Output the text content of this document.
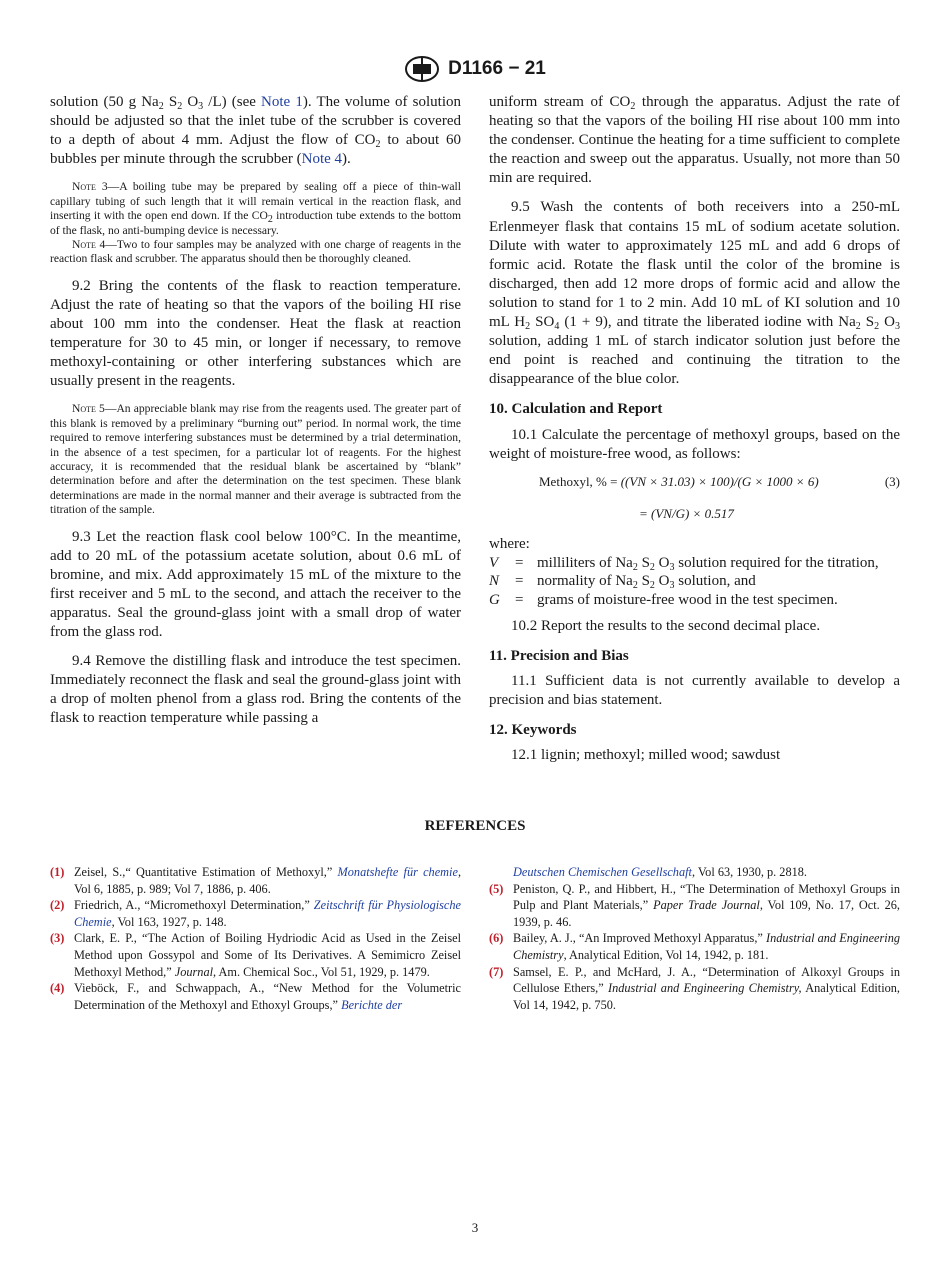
D1166 − 21

solution (50 g $Na_2$ $S_2$ $O_3$ /L) (see Note 1). The volume of solution should be adjusted so that the inlet tube of the scrubber is covered to a depth of about 4 mm. Adjust the flow of $CO_2$ to about 60 bubbles per minute through the scrubber (Note 4).

Note 3—A boiling tube may be prepared by sealing off a piece of thin-wall capillary tubing of such length that it will remain vertical in the reaction flask, and inserting it with the open end down. If the $CO_2$ introduction tube extends to the bottom of the flask, no anti-bumping device is necessary.

Note 4—Two to four samples may be analyzed with one charge of reagents in the reaction flask and scrubber. The apparatus should then be thoroughly cleaned.

9.2 Bring the contents of the flask to reaction temperature. Adjust the rate of heating so that the vapors of the boiling HI rise about 100 mm into the condenser. Heat the flask at reaction temperature for 30 to 45 min, or longer if necessary, to remove methoxyl-containing or other interfering substances which are usually present in the reagents.

Note 5—An appreciable blank may rise from the reagents used. The greater part of this blank is removed by a preliminary “burning out” period. In normal work, the time required to remove interfering substances must be determined by a trial determination, in the absence of a test specimen, for a particular lot of reagents. For the highest accuracy, it is recommended that the residual blank be ascertained by “blank” determination before and after the determination on the test specimen. These blank determinations are made in the normal manner and their average is subtracted from the titration of the sample.

9.3 Let the reaction flask cool below 100°C. In the meantime, add to 20 mL of the potassium acetate solution, about 0.6 mL of bromine, and mix. Add approximately 15 mL of the mixture to the first receiver and 5 mL to the second, and attach the receiver to the apparatus. Seal the ground-glass joint with a small drop of water from the glass rod.

9.4 Remove the distilling flask and introduce the test specimen. Immediately reconnect the flask and seal the ground-glass joint with a drop of molten phenol from a glass rod. Bring the contents of the flask to reaction temperature while passing a

uniform stream of $CO_2$ through the apparatus. Adjust the rate of heating so that the vapors of the boiling HI rise about 100 mm into the condenser. Continue the heating for a time sufficient to complete the reaction and sweep out the apparatus. Usually, not more than 50 min are required.

9.5 Wash the contents of both receivers into a 250-mL Erlenmeyer flask that contains 15 mL of sodium acetate solution. Dilute with water to approximately 125 mL and add 6 drops of formic acid. Rotate the flask until the color of the bromine is discharged, then add 12 more drops of formic acid and allow the solution to stand for 1 to 2 min. Add 10 mL of KI solution and 10 mL $H_2$ $SO_4$ (1 + 9), and titrate the liberated iodine with $Na_2$ $S_2$ $O_3$ solution, adding 1 mL of starch indicator solution just before the end point is reached and continuing the titration to the disappearance of the blue color.

10. Calculation and Report

10.1 Calculate the percentage of methoxyl groups, based on the weight of moisture-free wood, as follows:

Methoxyl, % = ((VN × 31.03) × 100)/(G × 1000 × 6)	(3)
= (VN/G) × 0.517

where:

V	= milliliters of $Na_2$ $S_2$ $O_3$ solution required for the titration,
N	= normality of $Na_2$ $S_2$ $O_3$ solution, and
G	= grams of moisture-free wood in the test specimen.

10.2 Report the results to the second decimal place.

11. Precision and Bias

11.1 Sufficient data is not currently available to develop a precision and bias statement.

12. Keywords

12.1 lignin; methoxyl; milled wood; sawdust

REFERENCES
(1) Zeisel, S.,“ Quantitative Estimation of Methoxyl,” Monatshefte für chemie, Vol 6, 1885, p. 989; Vol 7, 1886, p. 406.
(2) Friedrich, A., “Micromethoxyl Determination,” Zeitschrift für Physiologische Chemie, Vol 163, 1927, p. 148.
(3) Clark, E. P., “The Action of Boiling Hydriodic Acid as Used in the Zeisel Method upon Gossypol and Some of Its Derivatives. A Semimicro Zeisel Methoxyl Method,” Journal, Am. Chemical Soc., Vol 51, 1929, p. 1479.
(4) Vieböck, F., and Schwappach, A., “New Method for the Volumetric Determination of the Methoxyl and Ethoxyl Groups,” Berichte der
Deutschen Chemischen Gesellschaft, Vol 63, 1930, p. 2818.
(5) Peniston, Q. P., and Hibbert, H., “The Determination of Methoxyl Groups in Pulp and Plant Materials,” Paper Trade Journal, Vol 109, No. 17, Oct. 26, 1939, p. 46.
(6) Bailey, A. J., “An Improved Methoxyl Apparatus,” Industrial and Engineering Chemistry, Analytical Edition, Vol 14, 1942, p. 181.
(7) Samsel, E. P., and McHard, J. A., “Determination of Alkoxyl Groups in Cellulose Ethers,” Industrial and Engineering Chemistry, Analytical Edition, Vol 14, 1942, p. 750.
3
